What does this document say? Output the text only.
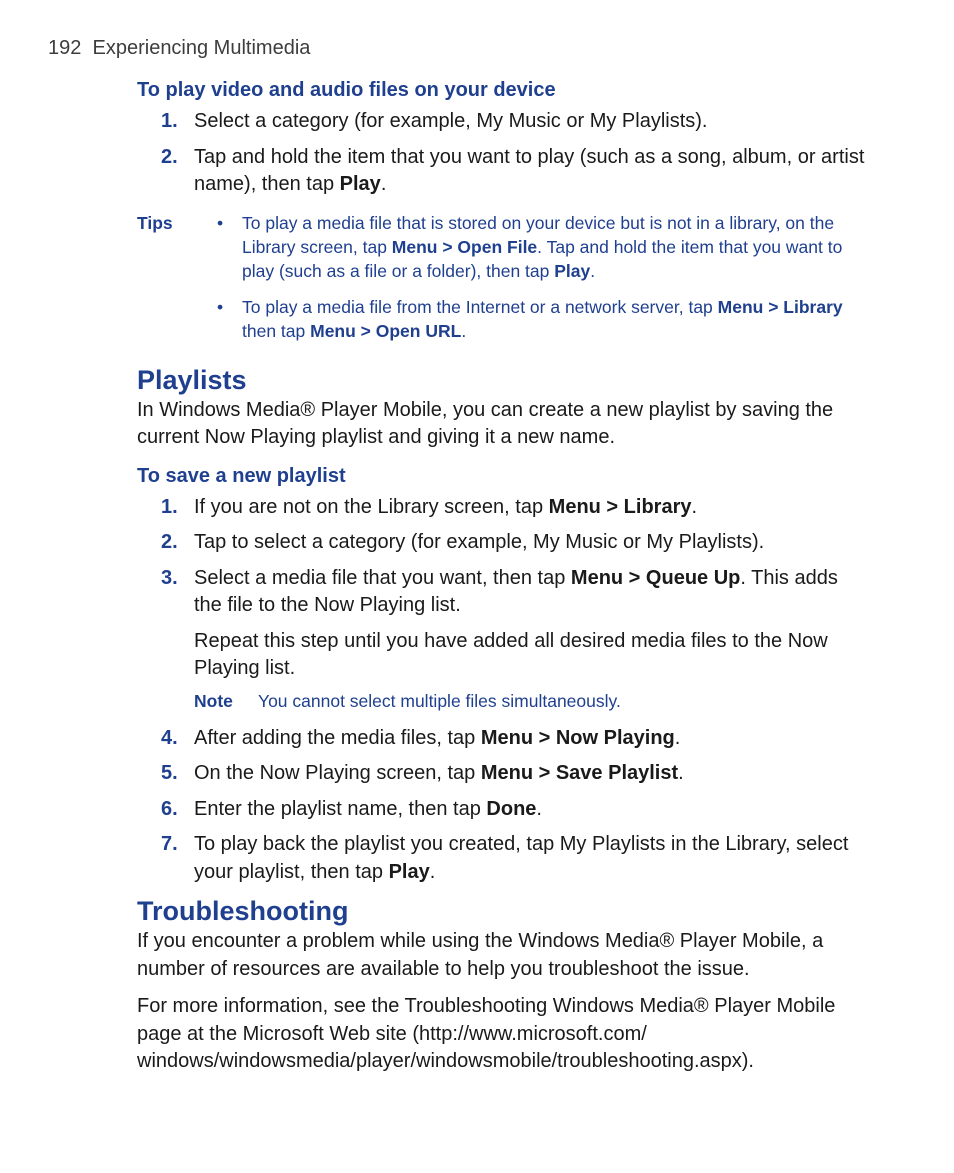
192 Experiencing Multimedia
To play video and audio files on your device
1. Select a category (for example, My Music or My Playlists).
2. Tap and hold the item that you want to play (such as a song, album, or artist name), then tap Play.
Tips	•	To play a media file that is stored on your device but is not in a library, on the Library screen, tap Menu > Open File. Tap and hold the item that you want to play (such as a file or a folder), then tap Play.
•	To play a media file from the Internet or a network server, tap Menu > Library then tap Menu > Open URL.
Playlists

In Windows Media® Player Mobile, you can create a new playlist by saving the current Now Playing playlist and giving it a new name.

To save a new playlist
1. If you are not on the Library screen, tap Menu > Library.
2. Tap to select a category (for example, My Music or My Playlists).
3. Select a media file that you want, then tap Menu > Queue Up. This adds the file to the Now Playing list.
Repeat this step until you have added all desired media files to the Now Playing list.
Note	You cannot select multiple files simultaneously.
4. After adding the media files, tap Menu > Now Playing.
5. On the Now Playing screen, tap Menu > Save Playlist.
6. Enter the playlist name, then tap Done.
7. To play back the playlist you created, tap My Playlists in the Library, select your playlist, then tap Play.
Troubleshooting

If you encounter a problem while using the Windows Media® Player Mobile, a number of resources are available to help you troubleshoot the issue.

For more information, see the Troubleshooting Windows Media® Player Mobile page at the Microsoft Web site (http://www.microsoft.com/ windows/windowsmedia/player/windowsmobile/troubleshooting.aspx).
